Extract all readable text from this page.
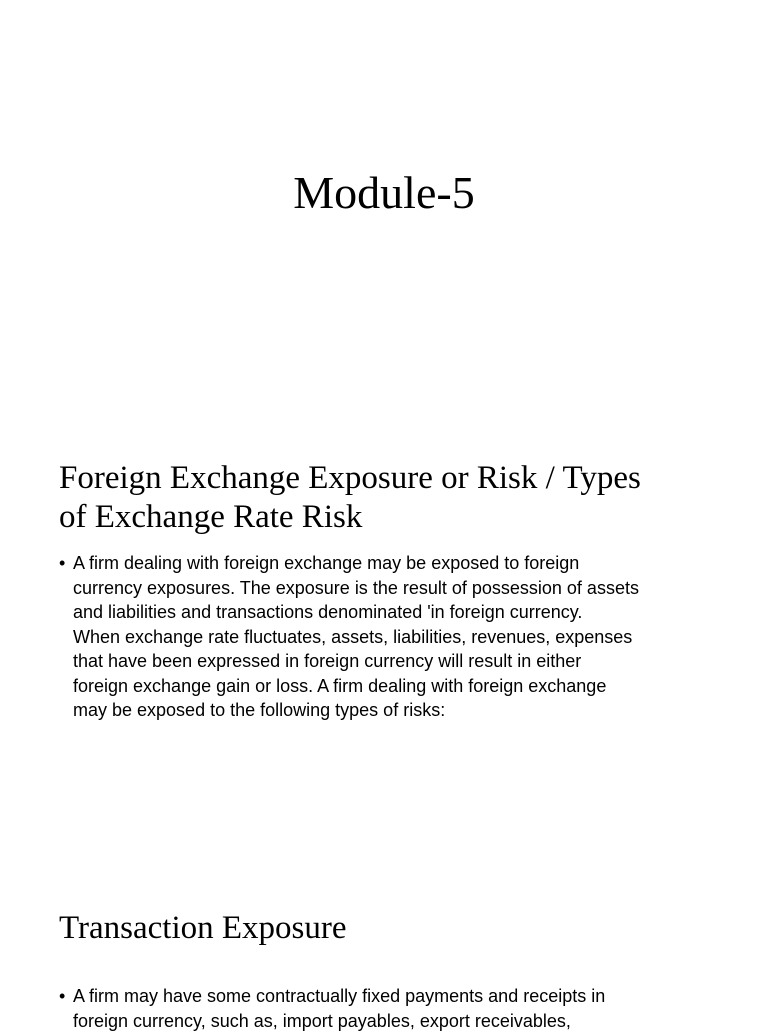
Module-5
Foreign Exchange Exposure or Risk / Types
of Exchange Rate Risk
• A firm dealing with foreign exchange may be exposed to foreign
currency exposures. The exposure is the result of possession of assets
and liabilities and transactions denominated 'in foreign currency.
When exchange rate fluctuates, assets, liabilities, revenues, expenses
that have been expressed in foreign currency will result in either
foreign exchange gain or loss. A firm dealing with foreign exchange
may be exposed to the following types of risks:
Transaction Exposure
• A firm may have some contractually fixed payments and receipts in
foreign currency, such as, import payables, export receivables,
